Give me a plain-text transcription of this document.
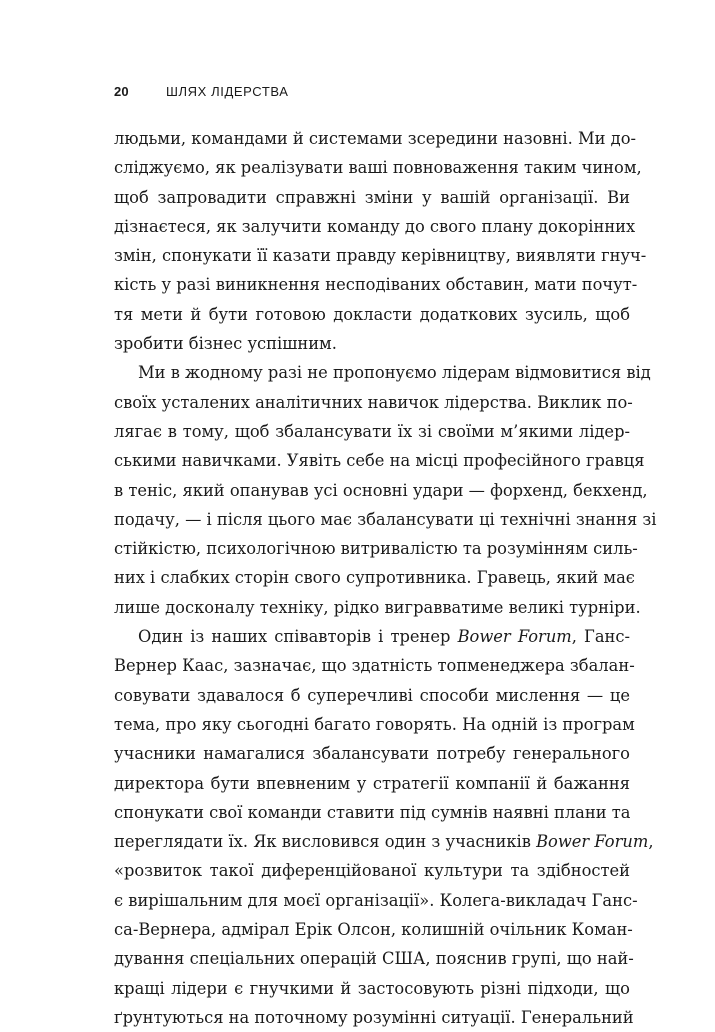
20	ШЛЯХ ЛІДЕРСТВА
людьми, командами й системами зсередини назовні. Ми до-
сліджуємо, як реалізувати ваші повноваження таким чином,
щоб запровадити справжні зміни у вашій організації. Ви
дізнаєтеся, як залучити команду до свого плану докорінних
змін, спонукати її казати правду керівництву, виявляти гнуч-
кість у разі виникнення несподіваних обставин, мати почут-
тя мети й бути готовою докласти додаткових зусиль, щоб
зробити бізнес успішним.
Ми в жодному разі не пропонуємо лідерам відмовитися від
своїх усталених аналітичних навичок лідерства. Виклик по-
лягає в тому, щоб збалансувати їх зі своїми м’якими лідер-
ськими навичками. Уявіть себе на місці професійного гравця
в теніс, який опанував усі основні удари — форхенд, бекхенд,
подачу, — і після цього має збалансувати ці технічні знання зі
стійкістю, психологічною витривалістю та розумінням силь-
них і слабких сторін свого супротивника. Гравець, який має
лише досконалу техніку, рідко вигравватиме великі турніри.
Один із наших співавторів і тренер Bower Forum, Ганс-
Вернер Каас, зазначає, що здатність топменеджера збалан-
совувати здавалося б суперечливі способи мислення — це
тема, про яку сьогодні багато говорять. На одній із програм
учасники намагалися збалансувати потребу генерального
директора бути впевненим у стратегії компанії й бажання
спонукати свої команди ставити під сумнів наявні плани та
переглядати їх. Як висловився один з учасників Bower Forum,
«розвиток такої диференційованої культури та здібностей
є вирішальним для моєї організації». Колега-викладач Ганс-
са-Вернера, адмірал Ерік Олсон, колишній очільник Коман-
дування спеціальних операцій США, пояснив групі, що най-
кращі лідери є гнучкими й застосовують різні підходи, що
ґрунтуються на поточному розумінні ситуації. Генеральний
